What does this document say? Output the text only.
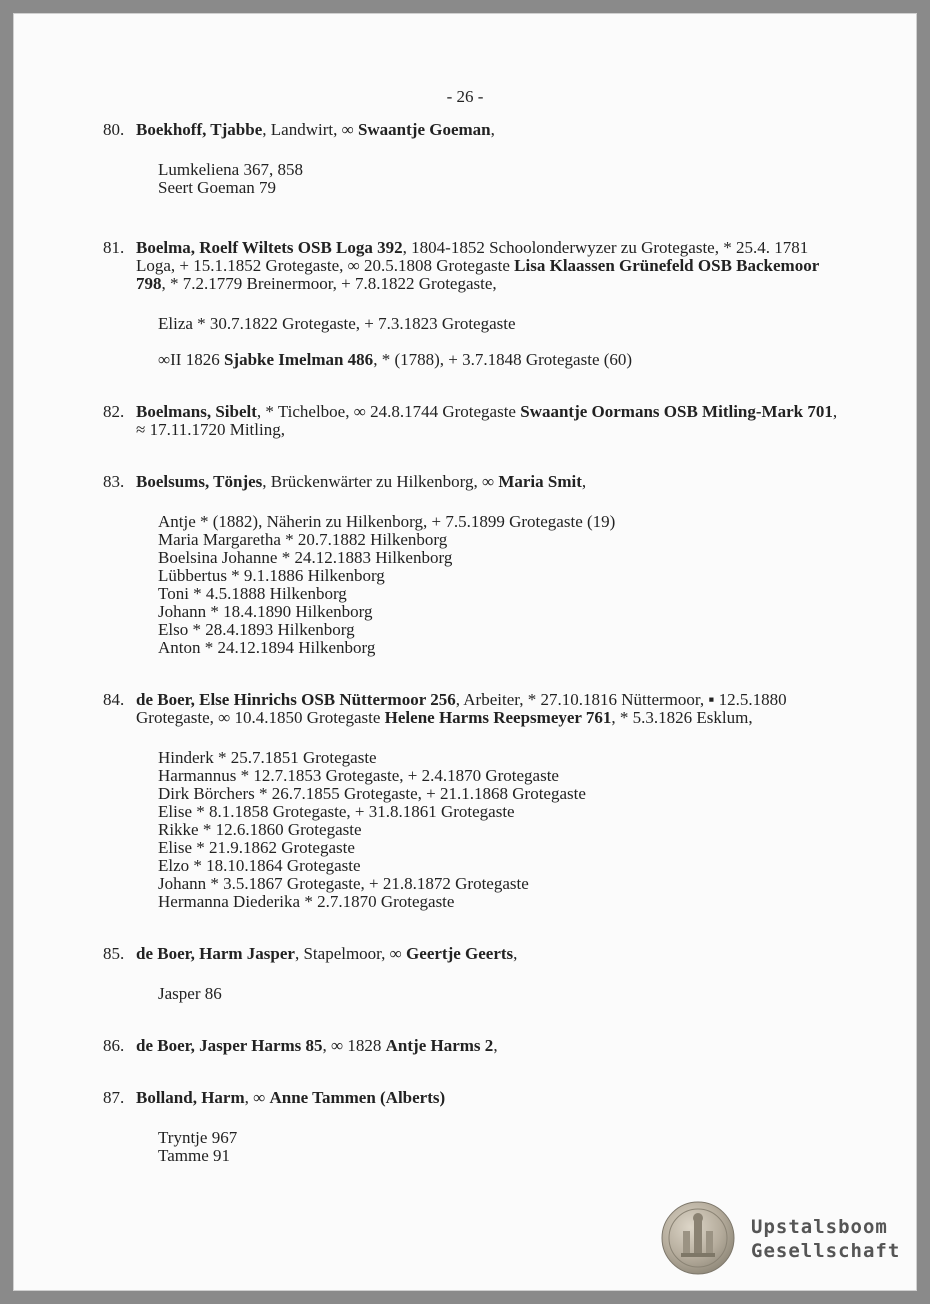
- 26 -
80. Boekhoff, Tjabbe, Landwirt, ∞ Swaantje Goeman,

Lumkeliena 367, 858
Seert Goeman 79
81. Boelma, Roelf Wiltets OSB Loga 392, 1804-1852 Schoolonderwyzer zu Grotegaste, * 25.4. 1781 Loga, + 15.1.1852 Grotegaste, ∞ 20.5.1808 Grotegaste Lisa Klaassen Grünefeld OSB Backemoor 798, * 7.2.1779 Breinermoor, + 7.8.1822 Grotegaste,

Eliza * 30.7.1822 Grotegaste, + 7.3.1823 Grotegaste
∞II 1826 Sjabke Imelman 486, * (1788), + 3.7.1848 Grotegaste (60)
82. Boelmans, Sibelt, * Tichelboe, ∞ 24.8.1744 Grotegaste Swaantje Oormans OSB Mitling-Mark 701, ≈ 17.11.1720 Mitling,

83. Boelsums, Tönjes, Brückenwärter zu Hilkenborg, ∞ Maria Smit,

Antje * (1882), Näherin zu Hilkenborg, + 7.5.1899 Grotegaste (19)
Maria Margaretha * 20.7.1882 Hilkenborg
Boelsina Johanne * 24.12.1883 Hilkenborg
Lübbertus * 9.1.1886 Hilkenborg
Toni * 4.5.1888 Hilkenborg
Johann * 18.4.1890 Hilkenborg
Elso * 28.4.1893 Hilkenborg
Anton * 24.12.1894 Hilkenborg
84. de Boer, Else Hinrichs OSB Nüttermoor 256, Arbeiter, * 27.10.1816 Nüttermoor, ▪ 12.5.1880 Grotegaste, ∞ 10.4.1850 Grotegaste Helene Harms Reepsmeyer 761, * 5.3.1826 Esklum,

Hinderk * 25.7.1851 Grotegaste
Harmannus * 12.7.1853 Grotegaste, + 2.4.1870 Grotegaste
Dirk Börchers * 26.7.1855 Grotegaste, + 21.1.1868 Grotegaste
Elise * 8.1.1858 Grotegaste, + 31.8.1861 Grotegaste
Rikke * 12.6.1860 Grotegaste
Elise * 21.9.1862 Grotegaste
Elzo * 18.10.1864 Grotegaste
Johann * 3.5.1867 Grotegaste, + 21.8.1872 Grotegaste
Hermanna Diederika * 2.7.1870 Grotegaste
85. de Boer, Harm Jasper, Stapelmoor, ∞ Geertje Geerts,

Jasper 86
86. de Boer, Jasper Harms 85, ∞ 1828 Antje Harms 2,

87. Bolland, Harm, ∞ Anne Tammen (Alberts)

Tryntje 967
Tamme 91
Upstalsboom
Gesellschaft
